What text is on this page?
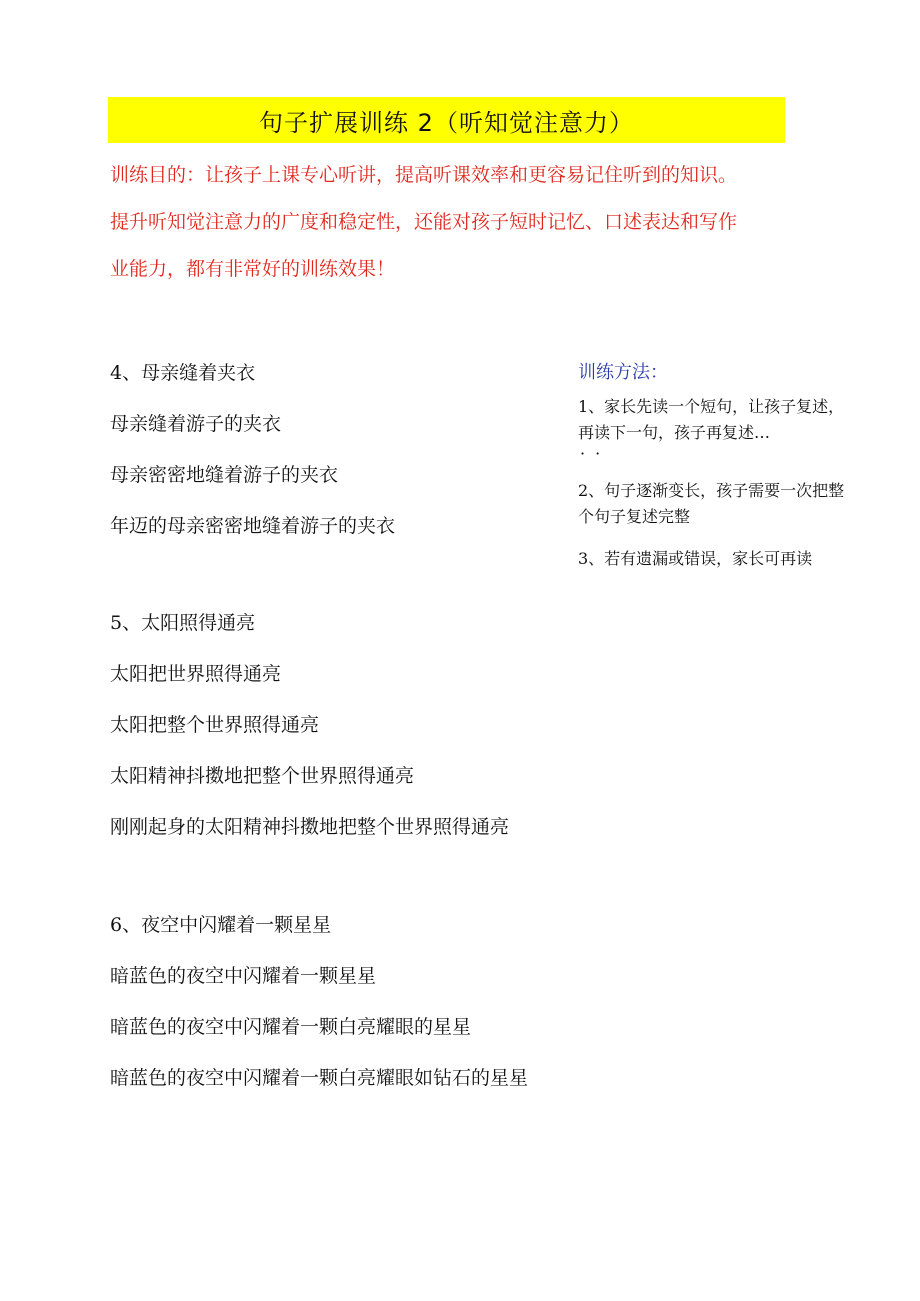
句子扩展训练 2（听知觉注意力）

训练目的：让孩子上课专心听讲，提高听课效率和更容易记住听到的知识。

提升听知觉注意力的广度和稳定性，还能对孩子短时记忆、口述表达和写作

业能力，都有非常好的训练效果！

4、母亲缝着夹衣
母亲缝着游子的夹衣
母亲密密地缝着游子的夹衣
年迈的母亲密密地缝着游子的夹衣
5、太阳照得通亮
太阳把世界照得通亮
太阳把整个世界照得通亮
太阳精神抖擞地把整个世界照得通亮
刚刚起身的太阳精神抖擞地把整个世界照得通亮
6、夜空中闪耀着一颗星星
暗蓝色的夜空中闪耀着一颗星星
暗蓝色的夜空中闪耀着一颗白亮耀眼的星星
暗蓝色的夜空中闪耀着一颗白亮耀眼如钻石的星星
训练方法：
1、家长先读一个短句，让孩子复述，再读下一句，孩子再复述…
··
2、句子逐渐变长，孩子需要一次把整个句子复述完整
3、若有遗漏或错误，家长可再读
